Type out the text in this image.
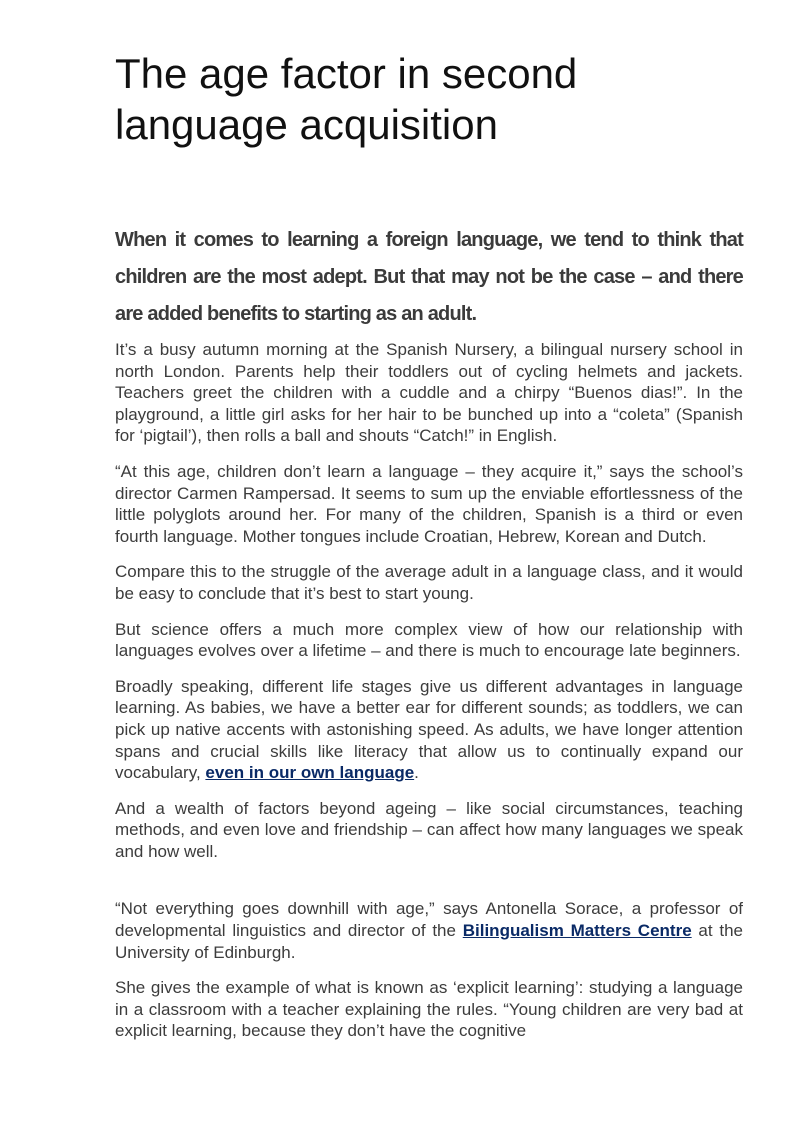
The age factor in second language acquisition

When it comes to learning a foreign language, we tend to think that children are the most adept. But that may not be the case – and there are added benefits to starting as an adult.

It’s a busy autumn morning at the Spanish Nursery, a bilingual nursery school in north London. Parents help their toddlers out of cycling helmets and jackets. Teachers greet the children with a cuddle and a chirpy “Buenos dias!”. In the playground, a little girl asks for her hair to be bunched up into a “coleta” (Spanish for ‘pigtail’), then rolls a ball and shouts “Catch!” in English.

“At this age, children don’t learn a language – they acquire it,” says the school’s director Carmen Rampersad. It seems to sum up the enviable effortlessness of the little polyglots around her. For many of the children, Spanish is a third or even fourth language. Mother tongues include Croatian, Hebrew, Korean and Dutch.

Compare this to the struggle of the average adult in a language class, and it would be easy to conclude that it’s best to start young.

But science offers a much more complex view of how our relationship with languages evolves over a lifetime – and there is much to encourage late beginners.

Broadly speaking, different life stages give us different advantages in language learning. As babies, we have a better ear for different sounds; as toddlers, we can pick up native accents with astonishing speed. As adults, we have longer attention spans and crucial skills like literacy that allow us to continually expand our vocabulary, even in our own language.

And a wealth of factors beyond ageing – like social circumstances, teaching methods, and even love and friendship – can affect how many languages we speak and how well.

“Not everything goes downhill with age,” says Antonella Sorace, a professor of developmental linguistics and director of the Bilingualism Matters Centre at the University of Edinburgh.

She gives the example of what is known as ‘explicit learning’: studying a language in a classroom with a teacher explaining the rules. “Young children are very bad at explicit learning, because they don’t have the cognitive
